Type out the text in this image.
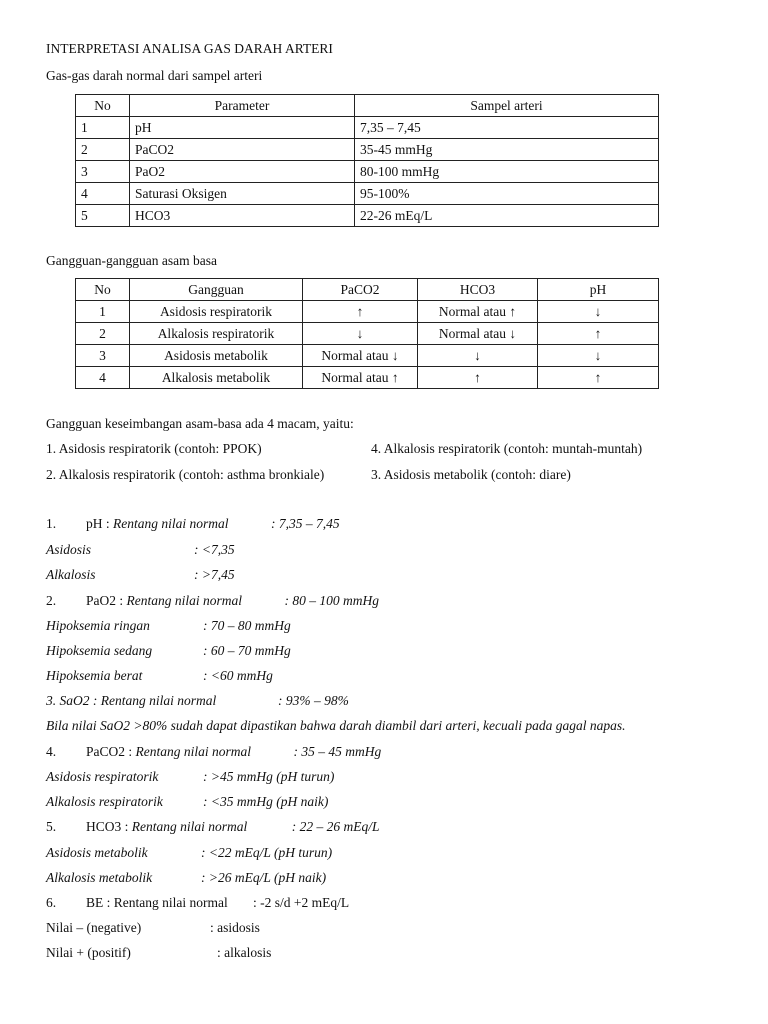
INTERPRETASI ANALISA GAS DARAH ARTERI
Gas-gas darah normal dari sampel arteri
No	Parameter	Sampel arteri
1	pH	7,35 – 7,45
2	PaCO2	35-45 mmHg
3	PaO2	80-100 mmHg
4	Saturasi Oksigen	95-100%
5	HCO3	22-26 mEq/L
Gangguan-gangguan asam basa
No	Gangguan	PaCO2	HCO3	pH
1	Asidosis respiratorik	↑	Normal atau ↑	↓
2	Alkalosis respiratorik	↓	Normal atau ↓	↑
3	Asidosis metabolik	Normal atau ↓	↓	↓
4	Alkalosis metabolik	Normal atau ↑	↑	↑
Gangguan keseimbangan asam-basa ada 4 macam, yaitu:
1. Asidosis respiratorik (contoh: PPOK)	4. Alkalosis respiratorik (contoh: muntah-muntah)
2. Alkalosis respiratorik (contoh: asthma bronkiale)	3. Asidosis metabolik (contoh: diare)
1. pH : Rentang nilai normal	: 7,35 – 7,45
Asidosis	: <7,35
Alkalosis	: >7,45
2. PaO2 : Rentang nilai normal	: 80 – 100 mmHg
Hipoksemia ringan	: 70 – 80 mmHg
Hipoksemia sedang	: 60 – 70 mmHg
Hipoksemia berat	: <60 mmHg
3. SaO2 : Rentang nilai normal	: 93% – 98%
Bila nilai SaO2 >80% sudah dapat dipastikan bahwa darah diambil dari arteri, kecuali pada gagal napas.
4. PaCO2 : Rentang nilai normal	: 35 – 45 mmHg
Asidosis respiratorik	: >45 mmHg (pH turun)
Alkalosis respiratorik	: <35 mmHg (pH naik)
5. HCO3 : Rentang nilai normal	: 22 – 26 mEq/L
Asidosis metabolik	: <22 mEq/L (pH turun)
Alkalosis metabolik	: >26 mEq/L (pH naik)
6. BE : Rentang nilai normal : -2 s/d +2 mEq/L
Nilai – (negative)	: asidosis
Nilai + (positif)	: alkalosis
